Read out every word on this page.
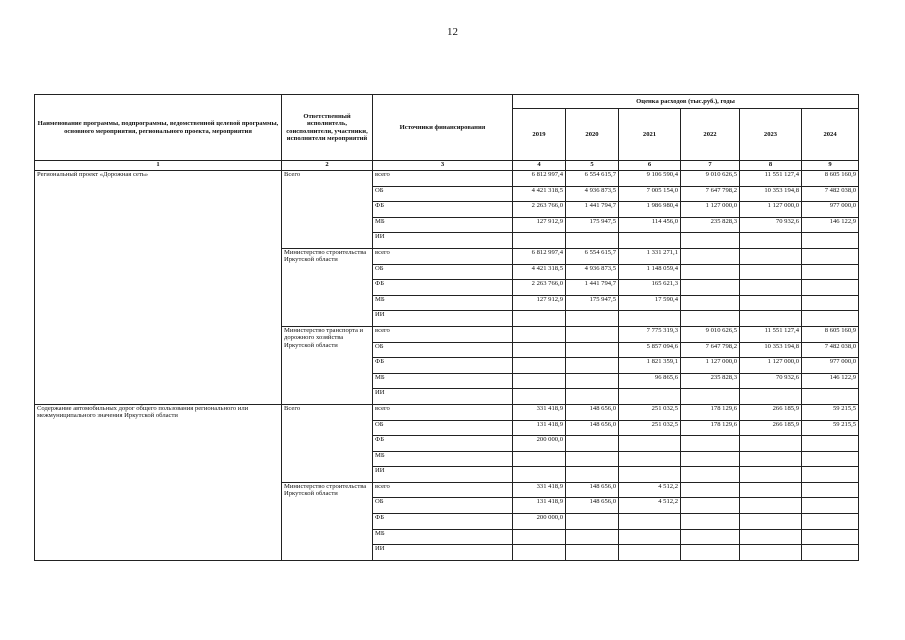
12
Наименование программы, подпрограммы, ведомственной целевой программы, основного мероприятия, регионального проекта, мероприятия	Ответственный исполнитель, соисполнители, участники, исполнители мероприятий	Источники финансирования	Оценка расходов (тыс.руб.), годы					
			2019	2020	2021	2022	2023	2024
1	2	3	4	5	6	7	8	9
Региональный проект «Дорожная сеть»	Всего	всего	6 812 997,4	6 554 615,7	9 106 590,4	9 010 626,5	11 551 127,4	8 605 160,9
		ОБ	4 421 318,5	4 936 873,5	7 005 154,0	7 647 798,2	10 353 194,8	7 482 038,0
		ФБ	2 263 766,0	1 441 794,7	1 986 980,4	1 127 000,0	1 127 000,0	977 000,0
		МБ	127 912,9	175 947,5	114 456,0	235 828,3	70 932,6	146 122,9
		ИИ						
	Министерство строительства Иркутской области	всего	6 812 997,4	6 554 615,7	1 331 271,1			
		ОБ	4 421 318,5	4 936 873,5	1 148 059,4			
		ФБ	2 263 766,0	1 441 794,7	165 621,3			
		МБ	127 912,9	175 947,5	17 590,4			
		ИИ						
	Министерство транспорта и дорожного хозяйства Иркутской области	всего			7 775 319,3	9 010 626,5	11 551 127,4	8 605 160,9
		ОБ			5 857 094,6	7 647 798,2	10 353 194,8	7 482 038,0
		ФБ			1 821 359,1	1 127 000,0	1 127 000,0	977 000,0
		МБ			96 865,6	235 828,3	70 932,6	146 122,9
		ИИ						
Содержание автомобильных дорог общего пользования регионального или межмуниципального значения Иркутской области	Всего	всего	331 418,9	148 656,0	251 032,5	178 129,6	266 185,9	59 215,5
		ОБ	131 418,9	148 656,0	251 032,5	178 129,6	266 185,9	59 215,5
		ФБ	200 000,0					
		МБ						
		ИИ						
	Министерство строительства Иркутской области	всего	331 418,9	148 656,0	4 512,2			
		ОБ	131 418,9	148 656,0	4 512,2			
		ФБ	200 000,0					
		МБ						
		ИИ						
